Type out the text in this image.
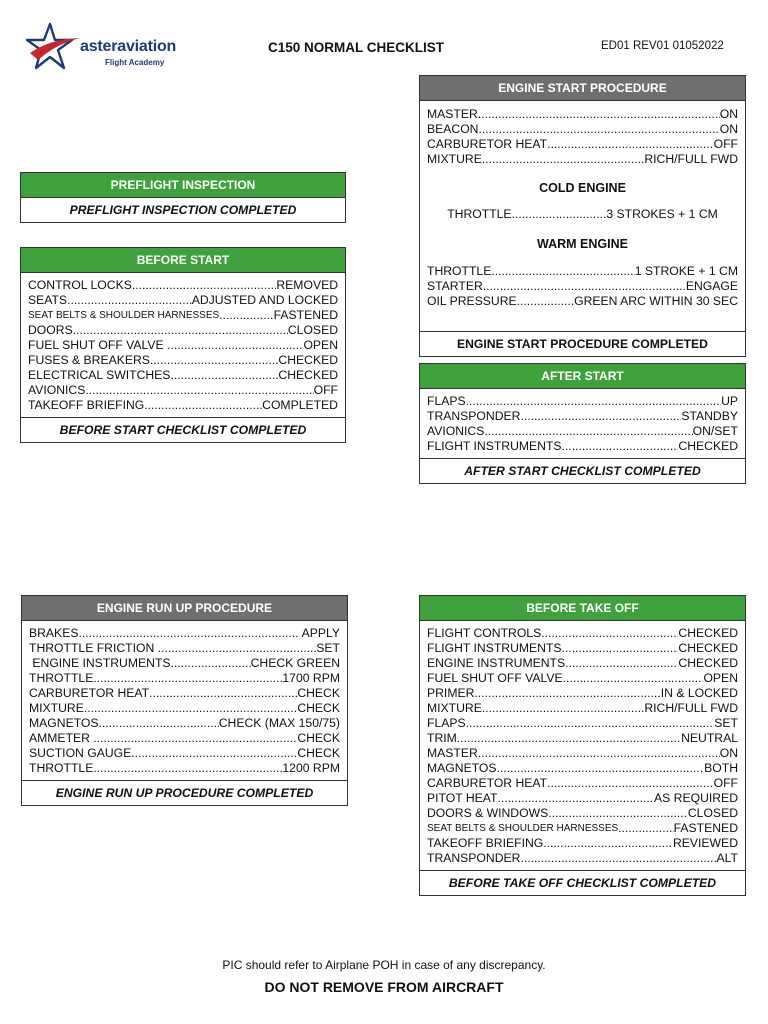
asteraviation
Flight Academy
C150 NORMAL CHECKLIST	ED01 REV01 01052022
PREFLIGHT INSPECTION
PREFLIGHT INSPECTION COMPLETED
BEFORE START
CONTROL LOCKS .....	REMOVED
SEATS .....	ADJUSTED AND LOCKED
SEAT BELTS & SHOULDER HARNESSES .....	FASTENED
DOORS .....	CLOSED
FUEL SHUT OFF VALVE .....	OPEN
FUSES & BREAKERS .....	CHECKED
ELECTRICAL SWITCHES .....	CHECKED
AVIONICS .....	OFF
TAKEOFF BRIEFING .....	COMPLETED
BEFORE START CHECKLIST COMPLETED
ENGINE START PROCEDURE
MASTER .....	ON
BEACON .....	ON
CARBURETOR HEAT .....	OFF
MIXTURE .....	RICH/FULL FWD
COLD ENGINE
THROTTLE............................3 STROKES + 1 CM
WARM ENGINE
THROTTLE .....	1 STROKE + 1 CM
STARTER .....	ENGAGE
OIL PRESSURE .....	GREEN ARC WITHIN 30 SEC
ENGINE START PROCEDURE COMPLETED
AFTER START
FLAPS .....	UP
TRANSPONDER .....	STANDBY
AVIONICS .....	ON/SET
FLIGHT INSTRUMENTS .....	CHECKED
AFTER START CHECKLIST COMPLETED
ENGINE RUN UP PROCEDURE
BRAKES .....	APPLY
THROTTLE FRICTION .....	SET
ENGINE INSTRUMENTS .....	CHECK GREEN
THROTTLE .....	1700 RPM
CARBURETOR HEAT .....	CHECK
MIXTURE .....	CHECK
MAGNETOS .....	CHECK (MAX 150/75)
AMMETER .....	CHECK
SUCTION GAUGE .....	CHECK
THROTTLE .....	1200 RPM
ENGINE RUN UP PROCEDURE COMPLETED
BEFORE TAKE OFF
FLIGHT CONTROLS .....	CHECKED
FLIGHT INSTRUMENTS .....	CHECKED
ENGINE INSTRUMENTS .....	CHECKED
FUEL SHUT OFF VALVE .....	OPEN
PRIMER .....	IN & LOCKED
MIXTURE .....	RICH/FULL FWD
FLAPS .....	SET
TRIM .....	NEUTRAL
MASTER .....	ON
MAGNETOS .....	BOTH
CARBURETOR HEAT .....	OFF
PITOT HEAT .....	AS REQUIRED
DOORS & WINDOWS .....	CLOSED
SEAT BELTS & SHOULDER HARNESSES .....	FASTENED
TAKEOFF BRIEFING .....	REVIEWED
TRANSPONDER .....	ALT
BEFORE TAKE OFF CHECKLIST COMPLETED
PIC should refer to Airplane POH in case of any discrepancy.
DO NOT REMOVE FROM AIRCRAFT
